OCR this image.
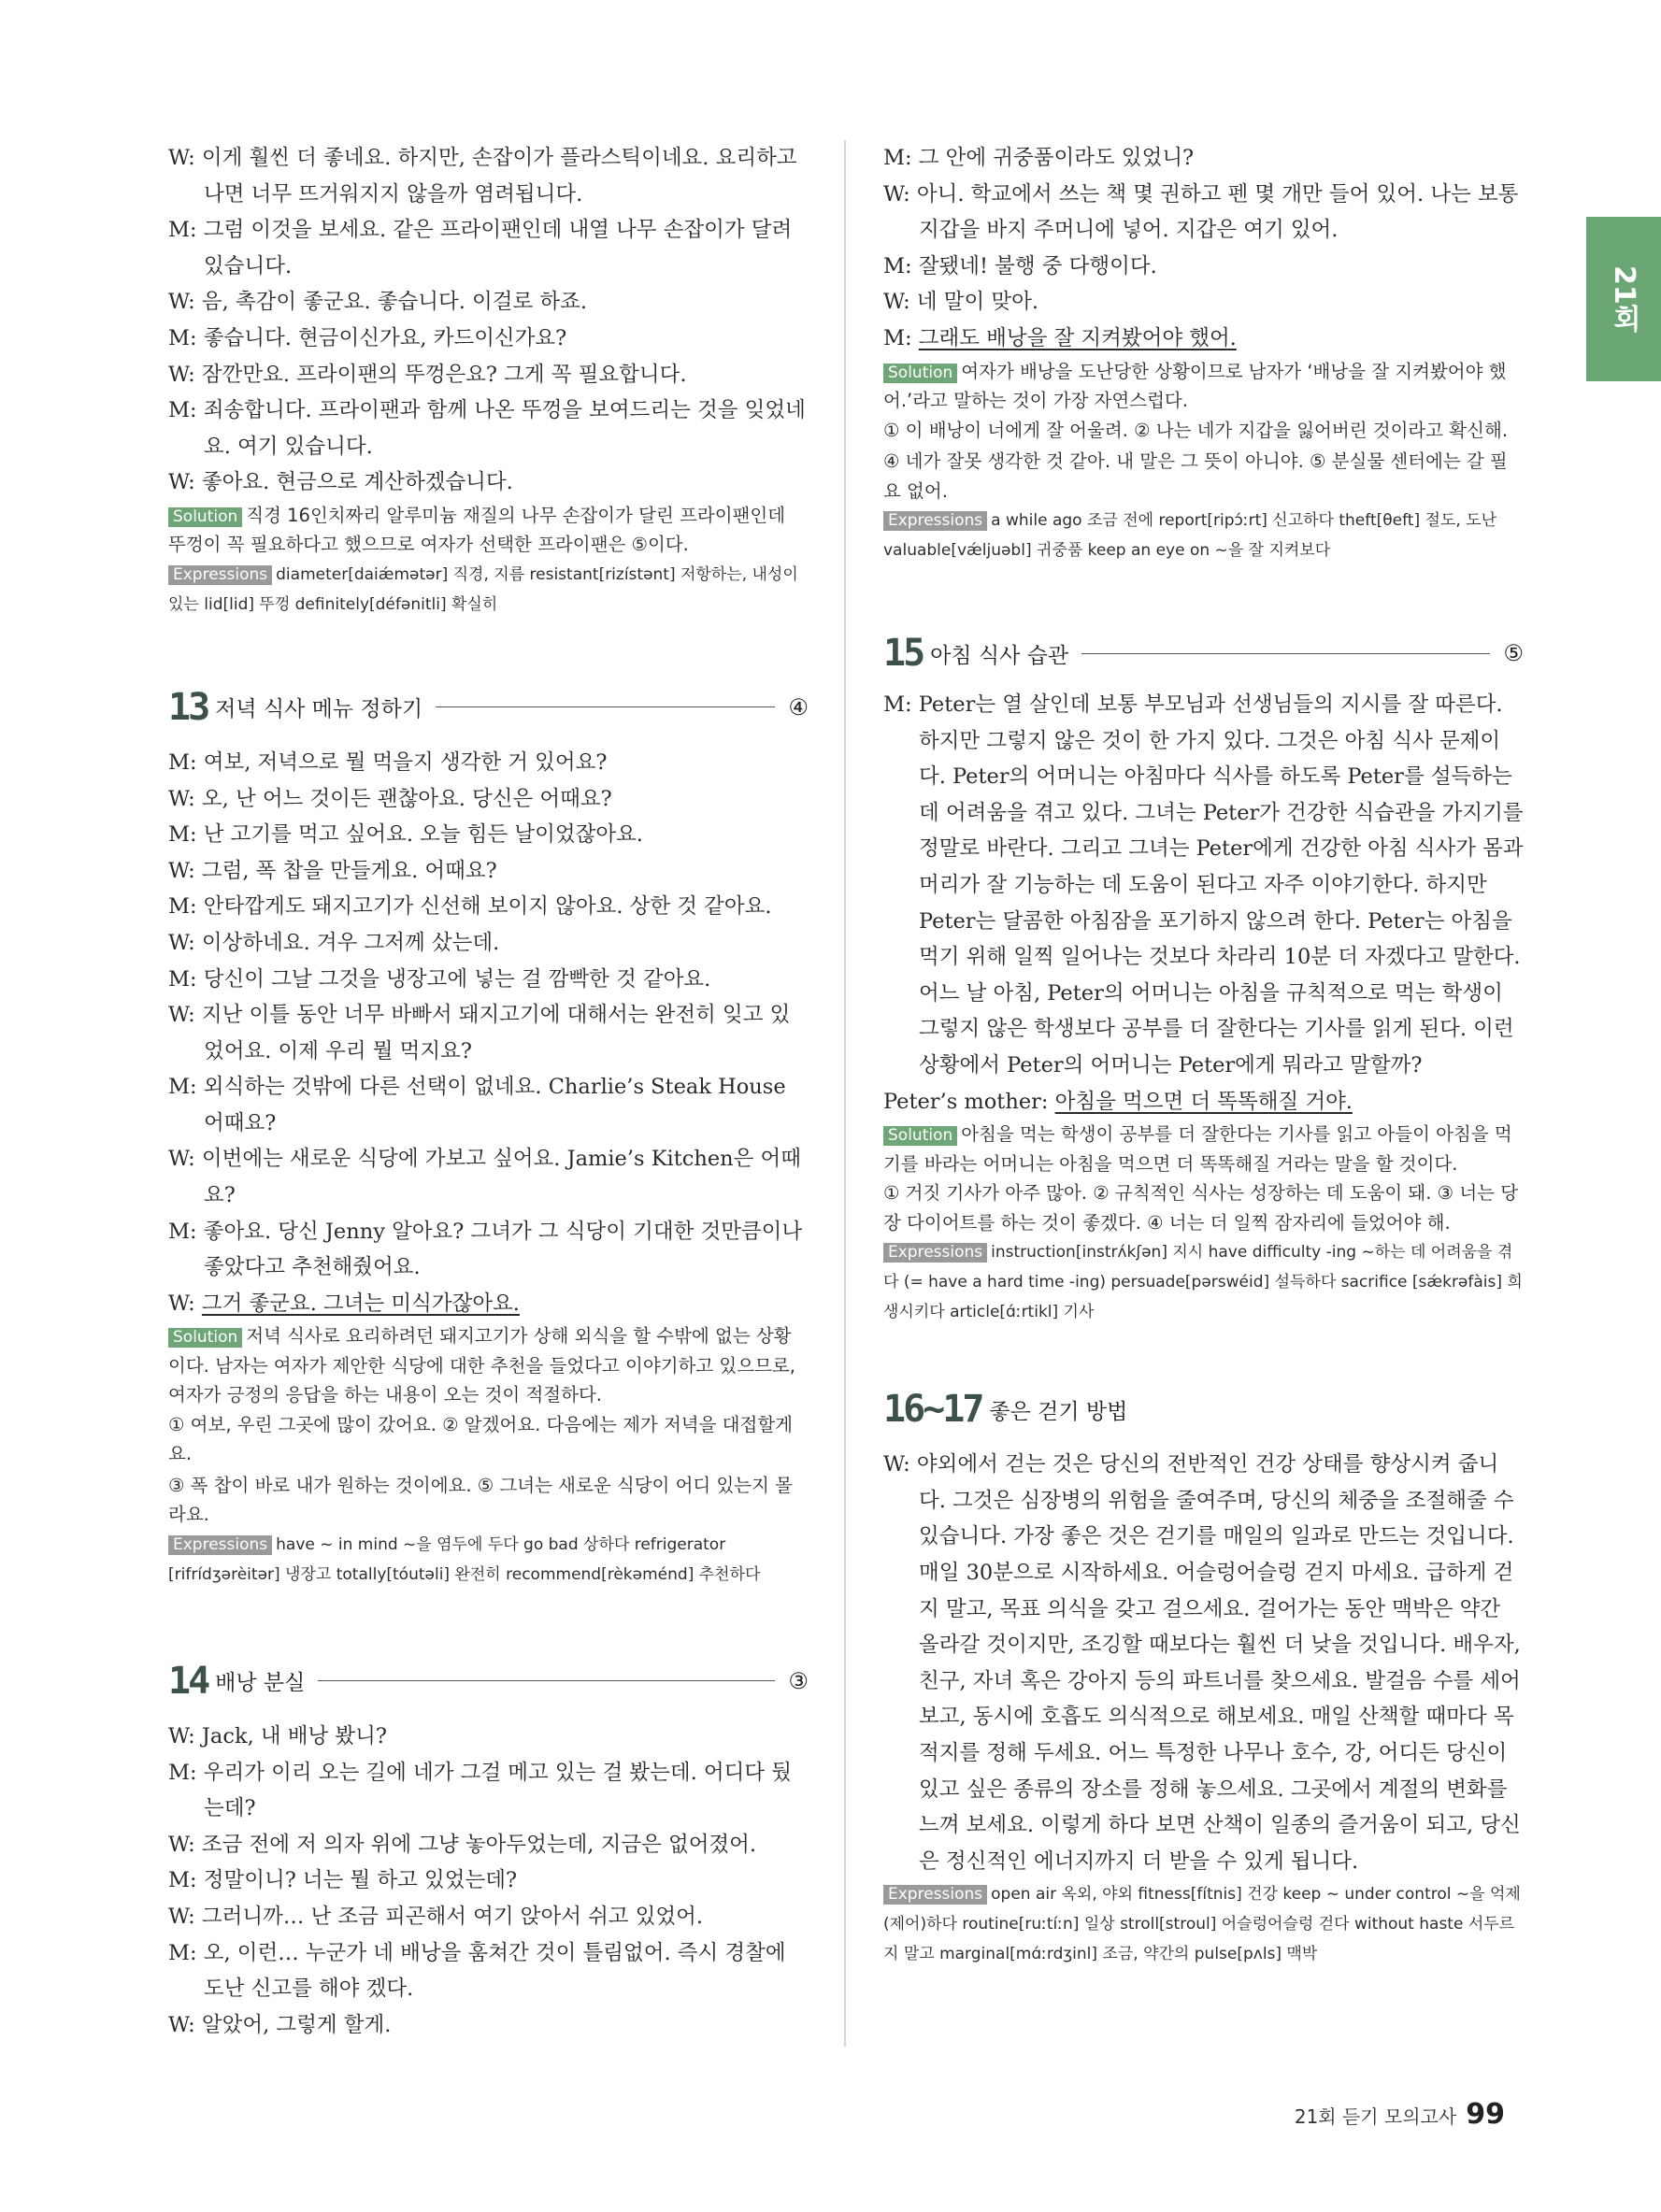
21회

W: 이게 훨씬 더 좋네요. 하지만, 손잡이가 플라스틱이네요. 요리하고 나면 너무 뜨거워지지 않을까 염려됩니다.

M: 그럼 이것을 보세요. 같은 프라이팬인데 내열 나무 손잡이가 달려있습니다.

W: 음, 촉감이 좋군요. 좋습니다. 이걸로 하죠.

M: 좋습니다. 현금이신가요, 카드이신가요?

W: 잠깐만요. 프라이팬의 뚜껑은요? 그게 꼭 필요합니다.

M: 죄송합니다. 프라이팬과 함께 나온 뚜껑을 보여드리는 것을 잊었네요. 여기 있습니다.

W: 좋아요. 현금으로 계산하겠습니다.

Solution 직경 16인치짜리 알루미늄 재질의 나무 손잡이가 달린 프라이팬인데 뚜껑이 꼭 필요하다고 했으므로 여자가 선택한 프라이팬은 ⑤이다.

Expressions diameter[daiǽmətər] 직경, 지름 resistant[rizístənt] 저항하는, 내성이 있는 lid[lid] 뚜껑 definitely[défənitli] 확실히

13 저녁 식사 메뉴 정하기	④

M: 여보, 저녁으로 뭘 먹을지 생각한 거 있어요?

W: 오, 난 어느 것이든 괜찮아요. 당신은 어때요?

M: 난 고기를 먹고 싶어요. 오늘 힘든 날이었잖아요.

W: 그럼, 폭 찹을 만들게요. 어때요?

M: 안타깝게도 돼지고기가 신선해 보이지 않아요. 상한 것 같아요.

W: 이상하네요. 겨우 그저께 샀는데.

M: 당신이 그날 그것을 냉장고에 넣는 걸 깜빡한 것 같아요.

W: 지난 이틀 동안 너무 바빠서 돼지고기에 대해서는 완전히 잊고 있었어요. 이제 우리 뭘 먹지요?

M: 외식하는 것밖에 다른 선택이 없네요. Charlie’s Steak House 어때요?

W: 이번에는 새로운 식당에 가보고 싶어요. Jamie’s Kitchen은 어때요?

M: 좋아요. 당신 Jenny 알아요? 그녀가 그 식당이 기대한 것만큼이나 좋았다고 추천해줬어요.

W: 그거 좋군요. 그녀는 미식가잖아요.

Solution 저녁 식사로 요리하려던 돼지고기가 상해 외식을 할 수밖에 없는 상황이다. 남자는 여자가 제안한 식당에 대한 추천을 들었다고 이야기하고 있으므로, 여자가 긍정의 응답을 하는 내용이 오는 것이 적절하다.

① 여보, 우린 그곳에 많이 갔어요. ② 알겠어요. 다음에는 제가 저녁을 대접할게요.

③ 폭 찹이 바로 내가 원하는 것이에요. ⑤ 그녀는 새로운 식당이 어디 있는지 몰라요.

Expressions have ~ in mind ~을 염두에 두다 go bad 상하다 refrigerator [rifrídʒərèitər] 냉장고 totally[tóutəli] 완전히 recommend[rèkəménd] 추천하다

14 배낭 분실	③

W: Jack, 내 배낭 봤니?

M: 우리가 이리 오는 길에 네가 그걸 메고 있는 걸 봤는데. 어디다 뒀는데?

W: 조금 전에 저 의자 위에 그냥 놓아두었는데, 지금은 없어졌어.

M: 정말이니? 너는 뭘 하고 있었는데?

W: 그러니까… 난 조금 피곤해서 여기 앉아서 쉬고 있었어.

M: 오, 이런… 누군가 네 배낭을 훔쳐간 것이 틀림없어. 즉시 경찰에 도난 신고를 해야 겠다.

W: 알았어, 그렇게 할게.

M: 그 안에 귀중품이라도 있었니?

W: 아니. 학교에서 쓰는 책 몇 권하고 펜 몇 개만 들어 있어. 나는 보통 지갑을 바지 주머니에 넣어. 지갑은 여기 있어.

M: 잘됐네! 불행 중 다행이다.

W: 네 말이 맞아.

M: 그래도 배낭을 잘 지켜봤어야 했어.

Solution 여자가 배낭을 도난당한 상황이므로 남자가 ‘배낭을 잘 지켜봤어야 했어.’라고 말하는 것이 가장 자연스럽다.

① 이 배낭이 너에게 잘 어울려. ② 나는 네가 지갑을 잃어버린 것이라고 확신해.

④ 네가 잘못 생각한 것 같아. 내 말은 그 뜻이 아니야. ⑤ 분실물 센터에는 갈 필요 없어.

Expressions a while ago 조금 전에 report[ripɔ́ːrt] 신고하다 theft[θeft] 절도, 도난 valuable[vǽljuəbl] 귀중품 keep an eye on ~을 잘 지켜보다

15 아침 식사 습관	⑤

M: Peter는 열 살인데 보통 부모님과 선생님들의 지시를 잘 따른다. 하지만 그렇지 않은 것이 한 가지 있다. 그것은 아침 식사 문제이다. Peter의 어머니는 아침마다 식사를 하도록 Peter를 설득하는 데 어려움을 겪고 있다. 그녀는 Peter가 건강한 식습관을 가지기를 정말로 바란다. 그리고 그녀는 Peter에게 건강한 아침 식사가 몸과 머리가 잘 기능하는 데 도움이 된다고 자주 이야기한다. 하지만 Peter는 달콤한 아침잠을 포기하지 않으려 한다. Peter는 아침을 먹기 위해 일찍 일어나는 것보다 차라리 10분 더 자겠다고 말한다. 어느 날 아침, Peter의 어머니는 아침을 규칙적으로 먹는 학생이 그렇지 않은 학생보다 공부를 더 잘한다는 기사를 읽게 된다. 이런 상황에서 Peter의 어머니는 Peter에게 뭐라고 말할까?

Peter’s mother: 아침을 먹으면 더 똑똑해질 거야.

Solution 아침을 먹는 학생이 공부를 더 잘한다는 기사를 읽고 아들이 아침을 먹기를 바라는 어머니는 아침을 먹으면 더 똑똑해질 거라는 말을 할 것이다.

① 거짓 기사가 아주 많아. ② 규칙적인 식사는 성장하는 데 도움이 돼. ③ 너는 당장 다이어트를 하는 것이 좋겠다. ④ 너는 더 일찍 잠자리에 들었어야 해.

Expressions instruction[instrʌ́kʃən] 지시 have difficulty -ing ~하는 데 어려움을 겪다 (= have a hard time -ing) persuade[pərswéid] 설득하다 sacrifice [sǽkrəfàis] 희생시키다 article[ɑ́ːrtikl] 기사

16~17 좋은 걷기 방법

W: 야외에서 걷는 것은 당신의 전반적인 건강 상태를 향상시켜 줍니다. 그것은 심장병의 위험을 줄여주며, 당신의 체중을 조절해줄 수 있습니다. 가장 좋은 것은 걷기를 매일의 일과로 만드는 것입니다. 매일 30분으로 시작하세요. 어슬렁어슬렁 걷지 마세요. 급하게 걷지 말고, 목표 의식을 갖고 걸으세요. 걸어가는 동안 맥박은 약간 올라갈 것이지만, 조깅할 때보다는 훨씬 더 낮을 것입니다. 배우자, 친구, 자녀 혹은 강아지 등의 파트너를 찾으세요. 발걸음 수를 세어보고, 동시에 호흡도 의식적으로 해보세요. 매일 산책할 때마다 목적지를 정해 두세요. 어느 특정한 나무나 호수, 강, 어디든 당신이 있고 싶은 종류의 장소를 정해 놓으세요. 그곳에서 계절의 변화를 느껴 보세요. 이렇게 하다 보면 산책이 일종의 즐거움이 되고, 당신은 정신적인 에너지까지 더 받을 수 있게 됩니다.

Expressions open air 옥외, 야외 fitness[fítnis] 건강 keep ~ under control ~을 억제(제어)하다 routine[ruːtíːn] 일상 stroll[stroul] 어슬렁어슬렁 걷다 without haste 서두르지 말고 marginal[mɑ́ːrdʒinl] 조금, 약간의 pulse[pʌls] 맥박

21회 듣기 모의고사 99
